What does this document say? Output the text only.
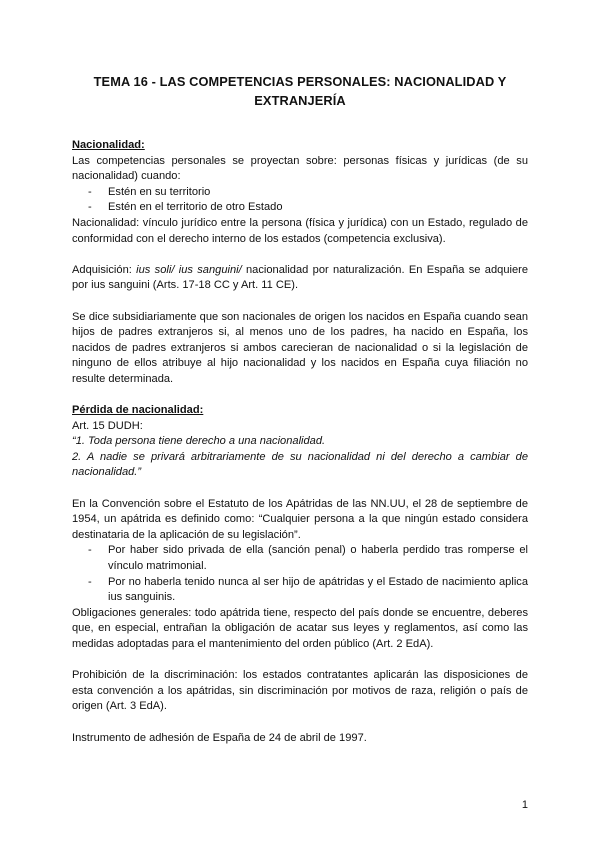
TEMA 16 - LAS COMPETENCIAS PERSONALES: NACIONALIDAD Y
EXTRANJERÍA

Nacionalidad:

Las competencias personales se proyectan sobre: personas físicas y jurídicas (de su nacionalidad) cuando:

- Estén en su territorio
- Estén en el territorio de otro Estado

Nacionalidad: vínculo jurídico entre la persona (física y jurídica) con un Estado, regulado de conformidad con el derecho interno de los estados (competencia exclusiva).

Adquisición: ius soli/ ius sanguini/ nacionalidad por naturalización. En España se adquiere por ius sanguini (Arts. 17-18 CC y Art. 11 CE).

Se dice subsidiariamente que son nacionales de origen los nacidos en España cuando sean hijos de padres extranjeros si, al menos uno de los padres, ha nacido en España, los nacidos de padres extranjeros si ambos carecieran de nacionalidad o si la legislación de ninguno de ellos atribuye al hijo nacionalidad y los nacidos en España cuya filiación no resulte determinada.

Pérdida de nacionalidad:

Art. 15 DUDH:

“1. Toda persona tiene derecho a una nacionalidad.

2. A nadie se privará arbitrariamente de su nacionalidad ni del derecho a cambiar de nacionalidad.”

En la Convención sobre el Estatuto de los Apátridas de las NN.UU, el 28 de septiembre de 1954, un apátrida es definido como: “Cualquier persona a la que ningún estado considera destinataria de la aplicación de su legislación”.

- Por haber sido privada de ella (sanción penal) o haberla perdido tras romperse el vínculo matrimonial.
- Por no haberla tenido nunca al ser hijo de apátridas y el Estado de nacimiento aplica ius sanguinis.

Obligaciones generales: todo apátrida tiene, respecto del país donde se encuentre, deberes que, en especial, entrañan la obligación de acatar sus leyes y reglamentos, así como las medidas adoptadas para el mantenimiento del orden público (Art. 2 EdA).

Prohibición de la discriminación: los estados contratantes aplicarán las disposiciones de esta convención a los apátridas, sin discriminación por motivos de raza, religión o país de origen (Art. 3 EdA).

Instrumento de adhesión de España de 24 de abril de 1997.

1
